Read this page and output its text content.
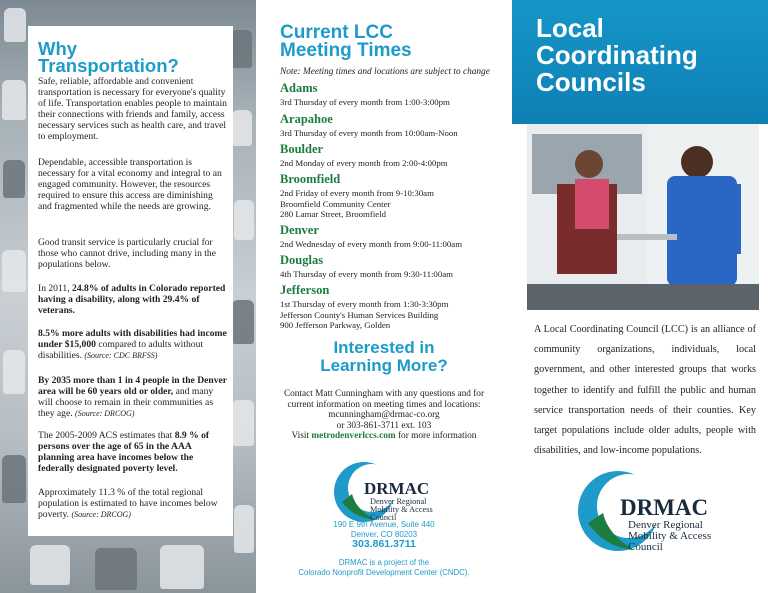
Why
Transportation?

Safe, reliable, affordable and convenient transportation is necessary for everyone's quality of life. Transportation enables people to maintain their connections with friends and family, access necessary services such as health care, and travel to employment.

Dependable, accessible transportation is necessary for a vital economy and integral to an engaged community. However, the resources required to ensure this access are diminishing and fragmented while the needs are growing.

Good transit service is particularly crucial for those who cannot drive, including many in the populations below.

In 2011, 24.8% of adults in Colorado reported having a disability, along with 29.4% of veterans.

8.5% more adults with disabilities had income under $15,000 compared to adults without disabilities. (Source: CDC BRFSS)

By 2035 more than 1 in 4 people in the Denver area will be 60 years old or older, and many will choose to remain in their communities as they age. (Source: DRCOG)

The 2005-2009 ACS estimates that 8.9 % of persons over the age of 65 in the AAA planning area have incomes below the federally designated poverty level.

Approximately 11.3 % of the total regional population is estimated to have incomes below poverty. (Source: DRCOG)

Current LCC
Meeting Times
Note: Meeting times and locations are subject to change
Adams
3rd Thursday of every month from 1:00-3:00pm
Arapahoe
3rd Thursday of every month from 10:00am-Noon
Boulder
2nd Monday of every month from 2:00-4:00pm
Broomfield
2nd Friday of every month from 9-10:30am
Broomfield Community Center
280 Lamar Street, Broomfield
Denver
2nd Wednesday of every month from 9:00-11:00am
Douglas
4th Thursday of every month from 9:30-11:00am
Jefferson
1st Thursday of every month from 1:30-3:30pm
Jefferson County's Human Services Building
900 Jefferson Parkway, Golden
Interested in
Learning More?
Contact Matt Cunningham with any questions and for
current information on meeting times and locations:
mcunningham@drmac-co.org
or 303-861-3711 ext. 103
Visit metrodenverlccs.com for more information
DRMAC
Denver Regional
Mobility & Access
Council
190 E 9th Avenue, Suite 440
Denver, CO 80203
303.861.3711
DRMAC is a project of the
Colorado Nonprofit Development Center (CNDC).
Local
Coordinating
Councils
A Local Coordinating Council (LCC) is an alliance of community organizations, individuals, local government, and other interested groups that works together to identify and fulfill the public and human service transportation needs of their counties. Key target populations include older adults, people with disabilities, and low-income populations.
DRMAC
Denver Regional
Mobility & Access
Council
